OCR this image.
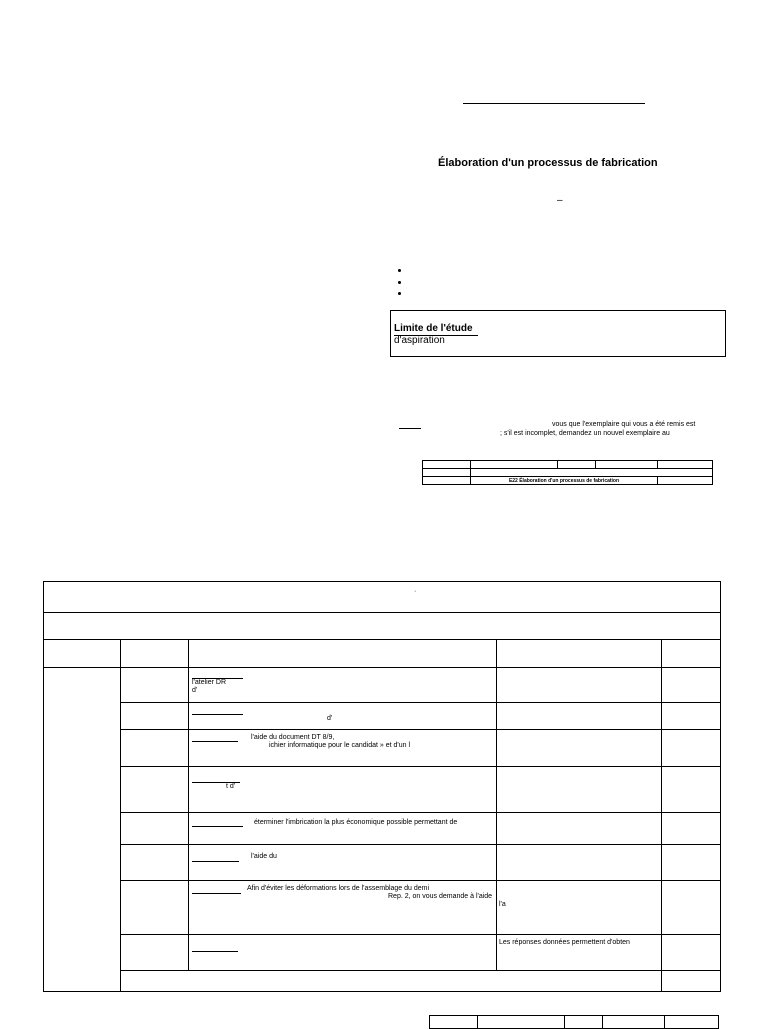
Élaboration d'un processus de fabrication
–
Limite de l'étude
d'aspiration
vous que l'exemplaire qui vous a été remis est
; s'il est incomplet, demandez un nouvel exemplaire au

	E22 Élaboration d'un processus de fabrication			
·				

		l'atelier DR
d'		

		d'		

		l'aide du document DT 8/9,
ichier informatique pour le candidat » et d'un l		

		t d'		

		éterminer l'imbrication la plus économique possible permettant de		

		l'aide du		

		Afin d'éviter les déformations lors de l'assemblage du demi
Rep. 2, on vous demande à l'aide	l'a	

			Les réponses données permettent d'obten	
